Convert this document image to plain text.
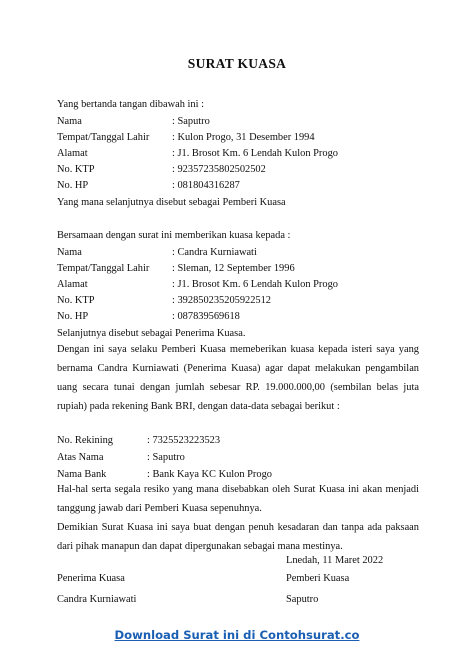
SURAT KUASA
Yang bertanda tangan dibawah ini :
Nama	: Saputro
Tempat/Tanggal Lahir : Kulon Progo, 31 Desember 1994
Alamat	: J1. Brosot Km. 6 Lendah Kulon Progo
No. KTP	: 92357235802502502
No. HP	: 081804316287
Yang mana selanjutnya disebut sebagai Pemberi Kuasa
Bersamaan dengan surat ini memberikan kuasa kepada :
Nama	: Candra Kurniawati
Tempat/Tanggal Lahir : Sleman, 12 September 1996
Alamat	: J1. Brosot Km. 6 Lendah Kulon Progo
No. KTP	: 392850235205922512
No. HP	: 087839569618
Selanjutnya disebut sebagai Penerima Kuasa.
Dengan ini saya selaku Pemberi Kuasa memeberikan kuasa kepada isteri saya yang bernama Candra Kurniawati (Penerima Kuasa) agar dapat melakukan pengambilan uang secara tunai dengan jumlah sebesar RP. 19.000.000,00 (sembilan belas juta rupiah) pada rekening Bank BRI, dengan data-data sebagai berikut :
No. Rekining	: 7325523223523
Atas Nama	: Saputro
Nama Bank	: Bank Kaya KC Kulon Progo
Hal-hal serta segala resiko yang mana disebabkan oleh Surat Kuasa ini akan menjadi tanggung jawab dari Pemberi Kuasa sepenuhnya.
Demikian Surat Kuasa ini saya buat dengan penuh kesadaran dan tanpa ada paksaan dari pihak manapun dan dapat dipergunakan sebagai mana mestinya.
Lnedah, 11 Maret 2022
Penerima Kuasa	Pemberi Kuasa
Candra Kurniawati	Saputro
Download Surat ini di Contohsurat.co
